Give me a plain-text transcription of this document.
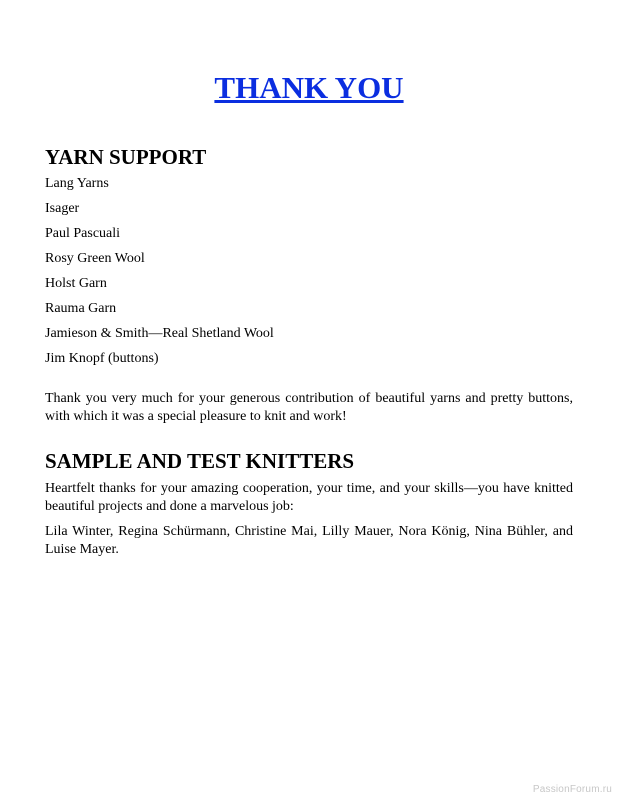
THANK YOU
YARN SUPPORT
Lang Yarns
Isager
Paul Pascuali
Rosy Green Wool
Holst Garn
Rauma Garn
Jamieson & Smith—Real Shetland Wool
Jim Knopf (buttons)

Thank you very much for your generous contribution of beautiful yarns and pretty buttons, with which it was a special pleasure to knit and work!

SAMPLE AND TEST KNITTERS

Heartfelt thanks for your amazing cooperation, your time, and your skills—you have knitted beautiful projects and done a marvelous job:

Lila Winter, Regina Schürmann, Christine Mai, Lilly Mauer, Nora König, Nina Bühler, and Luise Mayer.

PassionForum.ru
